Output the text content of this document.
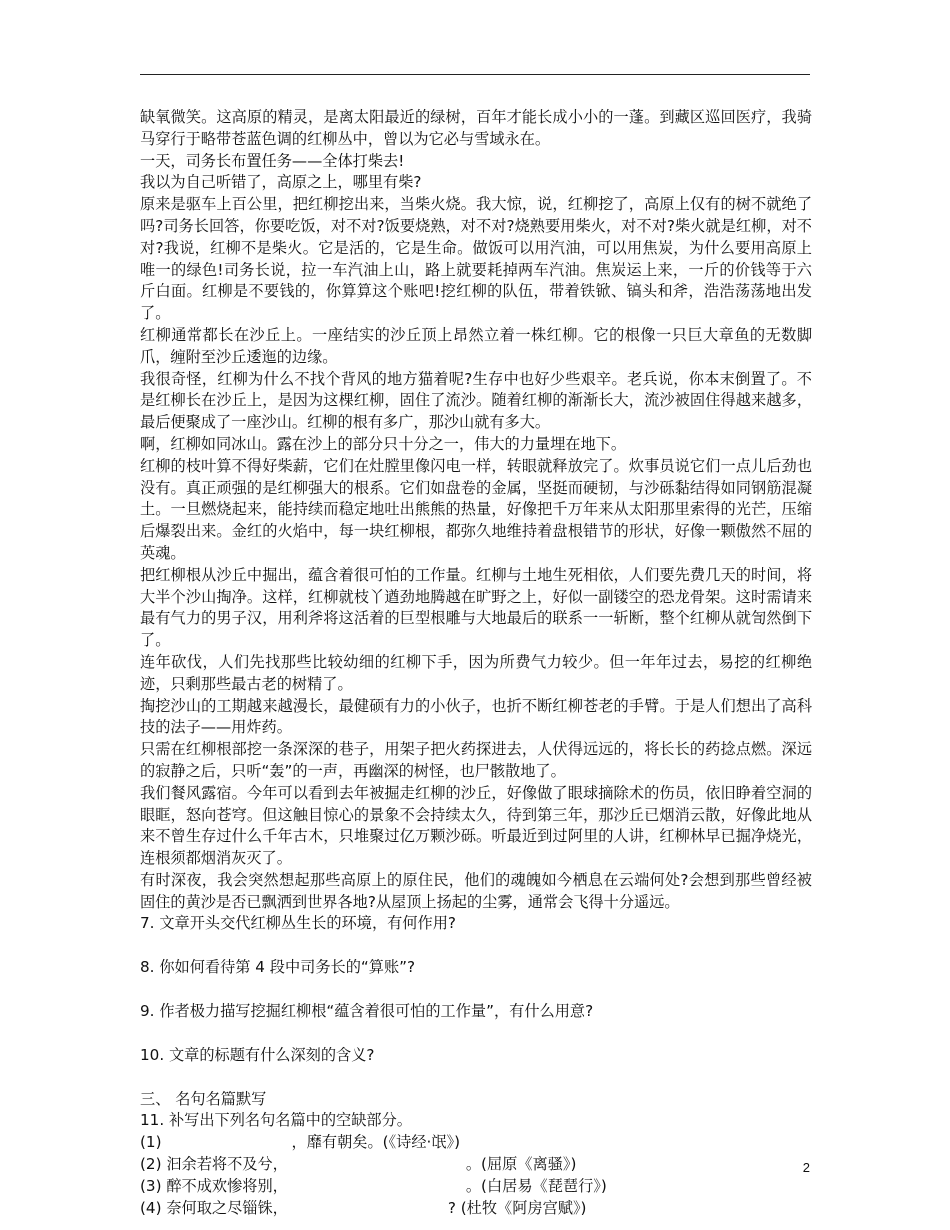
缺氧微笑。这高原的精灵，是离太阳最近的绿树，百年才能长成小小的一蓬。到藏区巡回医疗，我骑马穿行于略带苍蓝色调的红柳丛中，曾以为它必与雪域永在。

一天，司务长布置任务——全体打柴去!

我以为自己听错了，高原之上，哪里有柴?

原来是驱车上百公里，把红柳挖出来，当柴火烧。我大惊，说，红柳挖了，高原上仅有的树不就绝了吗?司务长回答，你要吃饭，对不对?饭要烧熟，对不对?烧熟要用柴火，对不对?柴火就是红柳，对不对?我说，红柳不是柴火。它是活的，它是生命。做饭可以用汽油，可以用焦炭，为什么要用高原上唯一的绿色!司务长说，拉一车汽油上山，路上就要耗掉两车汽油。焦炭运上来，一斤的价钱等于六斤白面。红柳是不要钱的，你算算这个账吧!挖红柳的队伍，带着铁锨、镐头和斧，浩浩荡荡地出发了。

红柳通常都长在沙丘上。一座结实的沙丘顶上昂然立着一株红柳。它的根像一只巨大章鱼的无数脚爪，缠附至沙丘逶迤的边缘。

我很奇怪，红柳为什么不找个背风的地方猫着呢?生存中也好少些艰辛。老兵说，你本末倒置了。不是红柳长在沙丘上，是因为这棵红柳，固住了流沙。随着红柳的渐渐长大，流沙被固住得越来越多，最后便聚成了一座沙山。红柳的根有多广，那沙山就有多大。

啊，红柳如同冰山。露在沙上的部分只十分之一，伟大的力量埋在地下。

红柳的枝叶算不得好柴薪，它们在灶膛里像闪电一样，转眼就释放完了。炊事员说它们一点儿后劲也没有。真正顽强的是红柳强大的根系。它们如盘卷的金属，坚挺而硬韧，与沙砾黏结得如同钢筋混凝土。一旦燃烧起来，能持续而稳定地吐出熊熊的热量，好像把千万年来从太阳那里索得的光芒，压缩后爆裂出来。金红的火焰中，每一块红柳根，都弥久地维持着盘根错节的形状，好像一颗傲然不屈的英魂。

把红柳根从沙丘中掘出，蕴含着很可怕的工作量。红柳与土地生死相依，人们要先费几天的时间，将大半个沙山掏净。这样，红柳就枝丫遒劲地腾越在旷野之上，好似一副镂空的恐龙骨架。这时需请来最有气力的男子汉，用利斧将这活着的巨型根雕与大地最后的联系一一斩断，整个红柳从就訇然倒下了。

连年砍伐，人们先找那些比较幼细的红柳下手，因为所费气力较少。但一年年过去，易挖的红柳绝迹，只剩那些最古老的树精了。

掏挖沙山的工期越来越漫长，最健硕有力的小伙子，也折不断红柳苍老的手臂。于是人们想出了高科技的法子——用炸药。

只需在红柳根部挖一条深深的巷子，用架子把火药探进去，人伏得远远的，将长长的药捻点燃。深远的寂静之后，只听“轰”的一声，再幽深的树怪，也尸骸散地了。

我们餐风露宿。今年可以看到去年被掘走红柳的沙丘，好像做了眼球摘除术的伤员，依旧睁着空洞的眼眶，怒向苍穹。但这触目惊心的景象不会持续太久，待到第三年，那沙丘已烟消云散，好像此地从来不曾生存过什么千年古木，只堆聚过亿万颗沙砾。听最近到过阿里的人讲，红柳林早已掘净烧光，连根须都烟消灰灭了。

有时深夜，我会突然想起那些高原上的原住民，他们的魂魄如今栖息在云端何处?会想到那些曾经被固住的黄沙是否已飘洒到世界各地?从屋顶上扬起的尘雾，通常会飞得十分遥远。

7. 文章开头交代红柳丛生长的环境，有何作用?

8. 你如何看待第 4 段中司务长的“算账”?

9. 作者极力描写挖掘红柳根“蕴含着很可怕的工作量”，有什么用意?

10. 文章的标题有什么深刻的含义?

三、 名句名篇默写

11. 补写出下列名句名篇中的空缺部分。

(1)	，靡有朝矣。(《诗经·氓》)

(2) 汩余若将不及兮，	。(屈原《离骚》)

(3) 醉不成欢惨将别，	。(白居易《琵琶行》)

(4) 奈何取之尽锱铢，	? (杜牧《阿房宫赋》)

2
